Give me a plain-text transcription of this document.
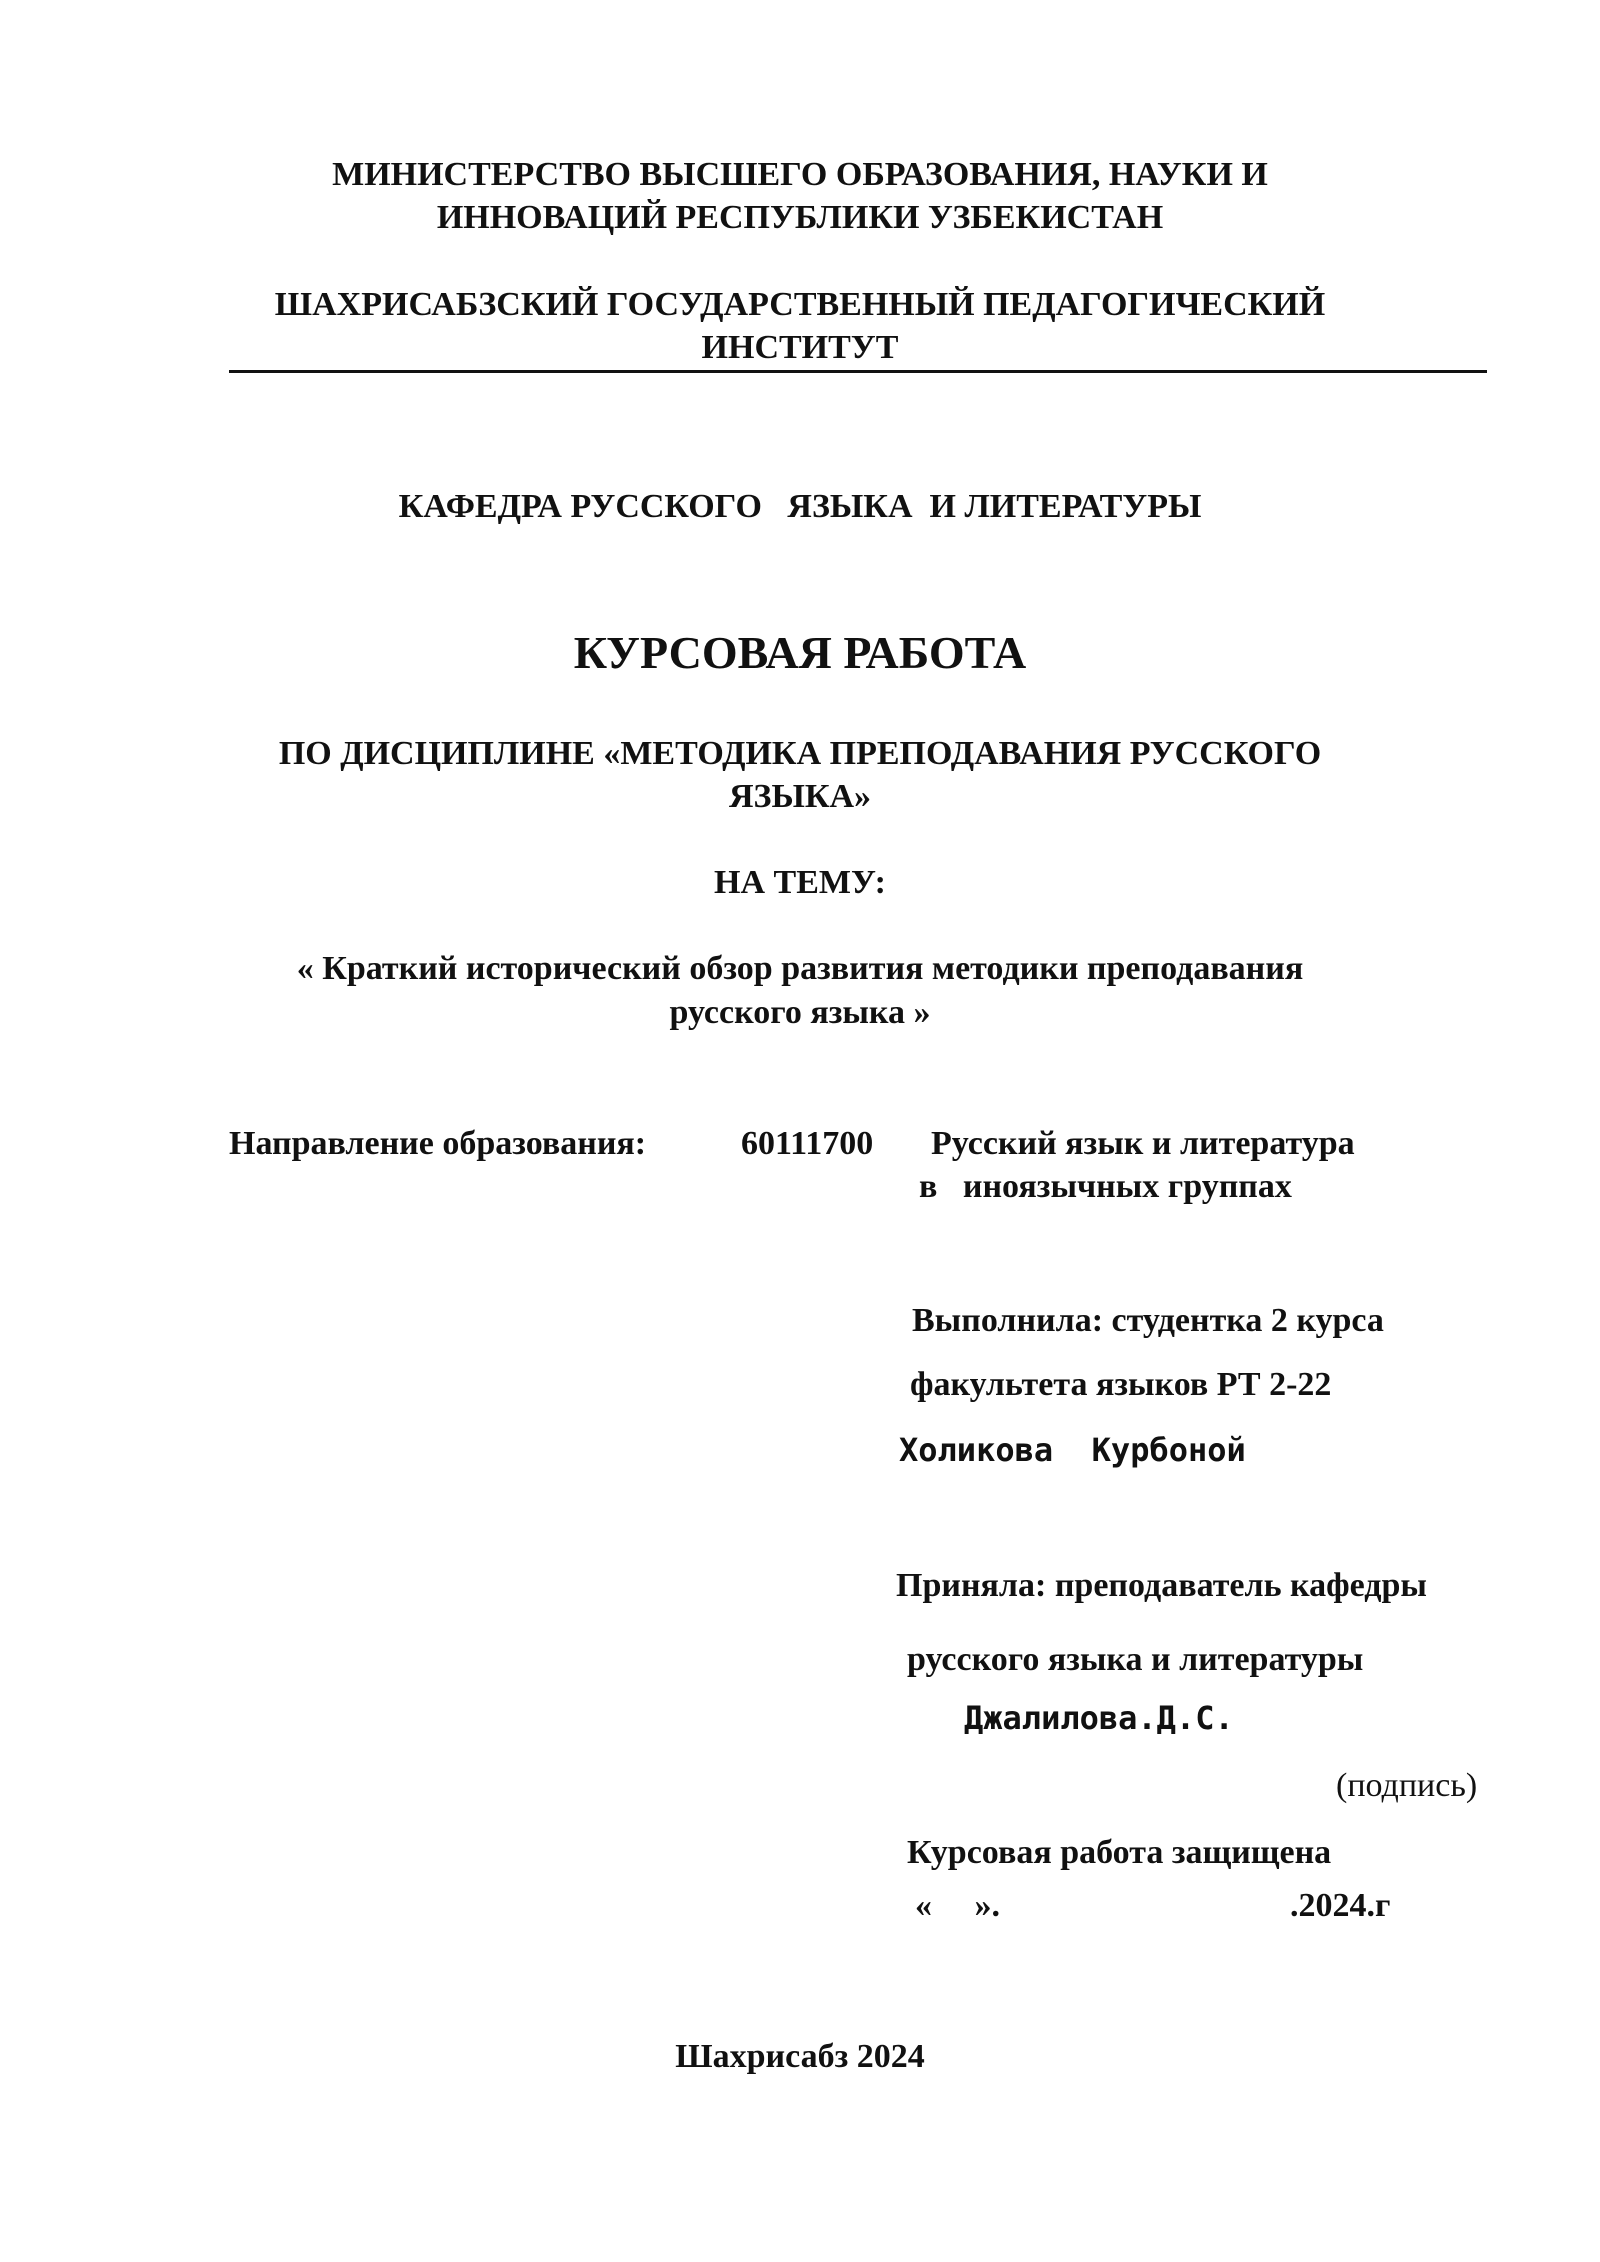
МИНИСТЕРСТВО ВЫСШЕГО ОБРАЗОВАНИЯ, НАУКИ И
ИННОВАЦИЙ РЕСПУБЛИКИ УЗБЕКИСТАН
ШАХРИСАБЗСКИЙ ГОСУДАРСТВЕННЫЙ ПЕДАГОГИЧЕСКИЙ
ИНСТИТУТ
КАФЕДРА РУССКОГО   ЯЗЫКА  И ЛИТЕРАТУРЫ
КУРСОВАЯ РАБОТА
ПО ДИСЦИПЛИНЕ «МЕТОДИКА ПРЕПОДАВАНИЯ РУССКОГО
ЯЗЫКА»
НА ТЕМУ:
« Краткий исторический обзор развития методики преподавания
русского языка »
Направление образования:	60111700 Русский язык и литература
в   иноязычных группах
Выполнила: студентка 2 курса
факультета языков РТ 2-22
Холикова  Курбоной
Приняла: преподаватель кафедры
русского языка и литературы
Джалилова.Д.С.
(подпись)
Курсовая работа защищена
«     ».	.2024.г
Шахрисабз 2024
